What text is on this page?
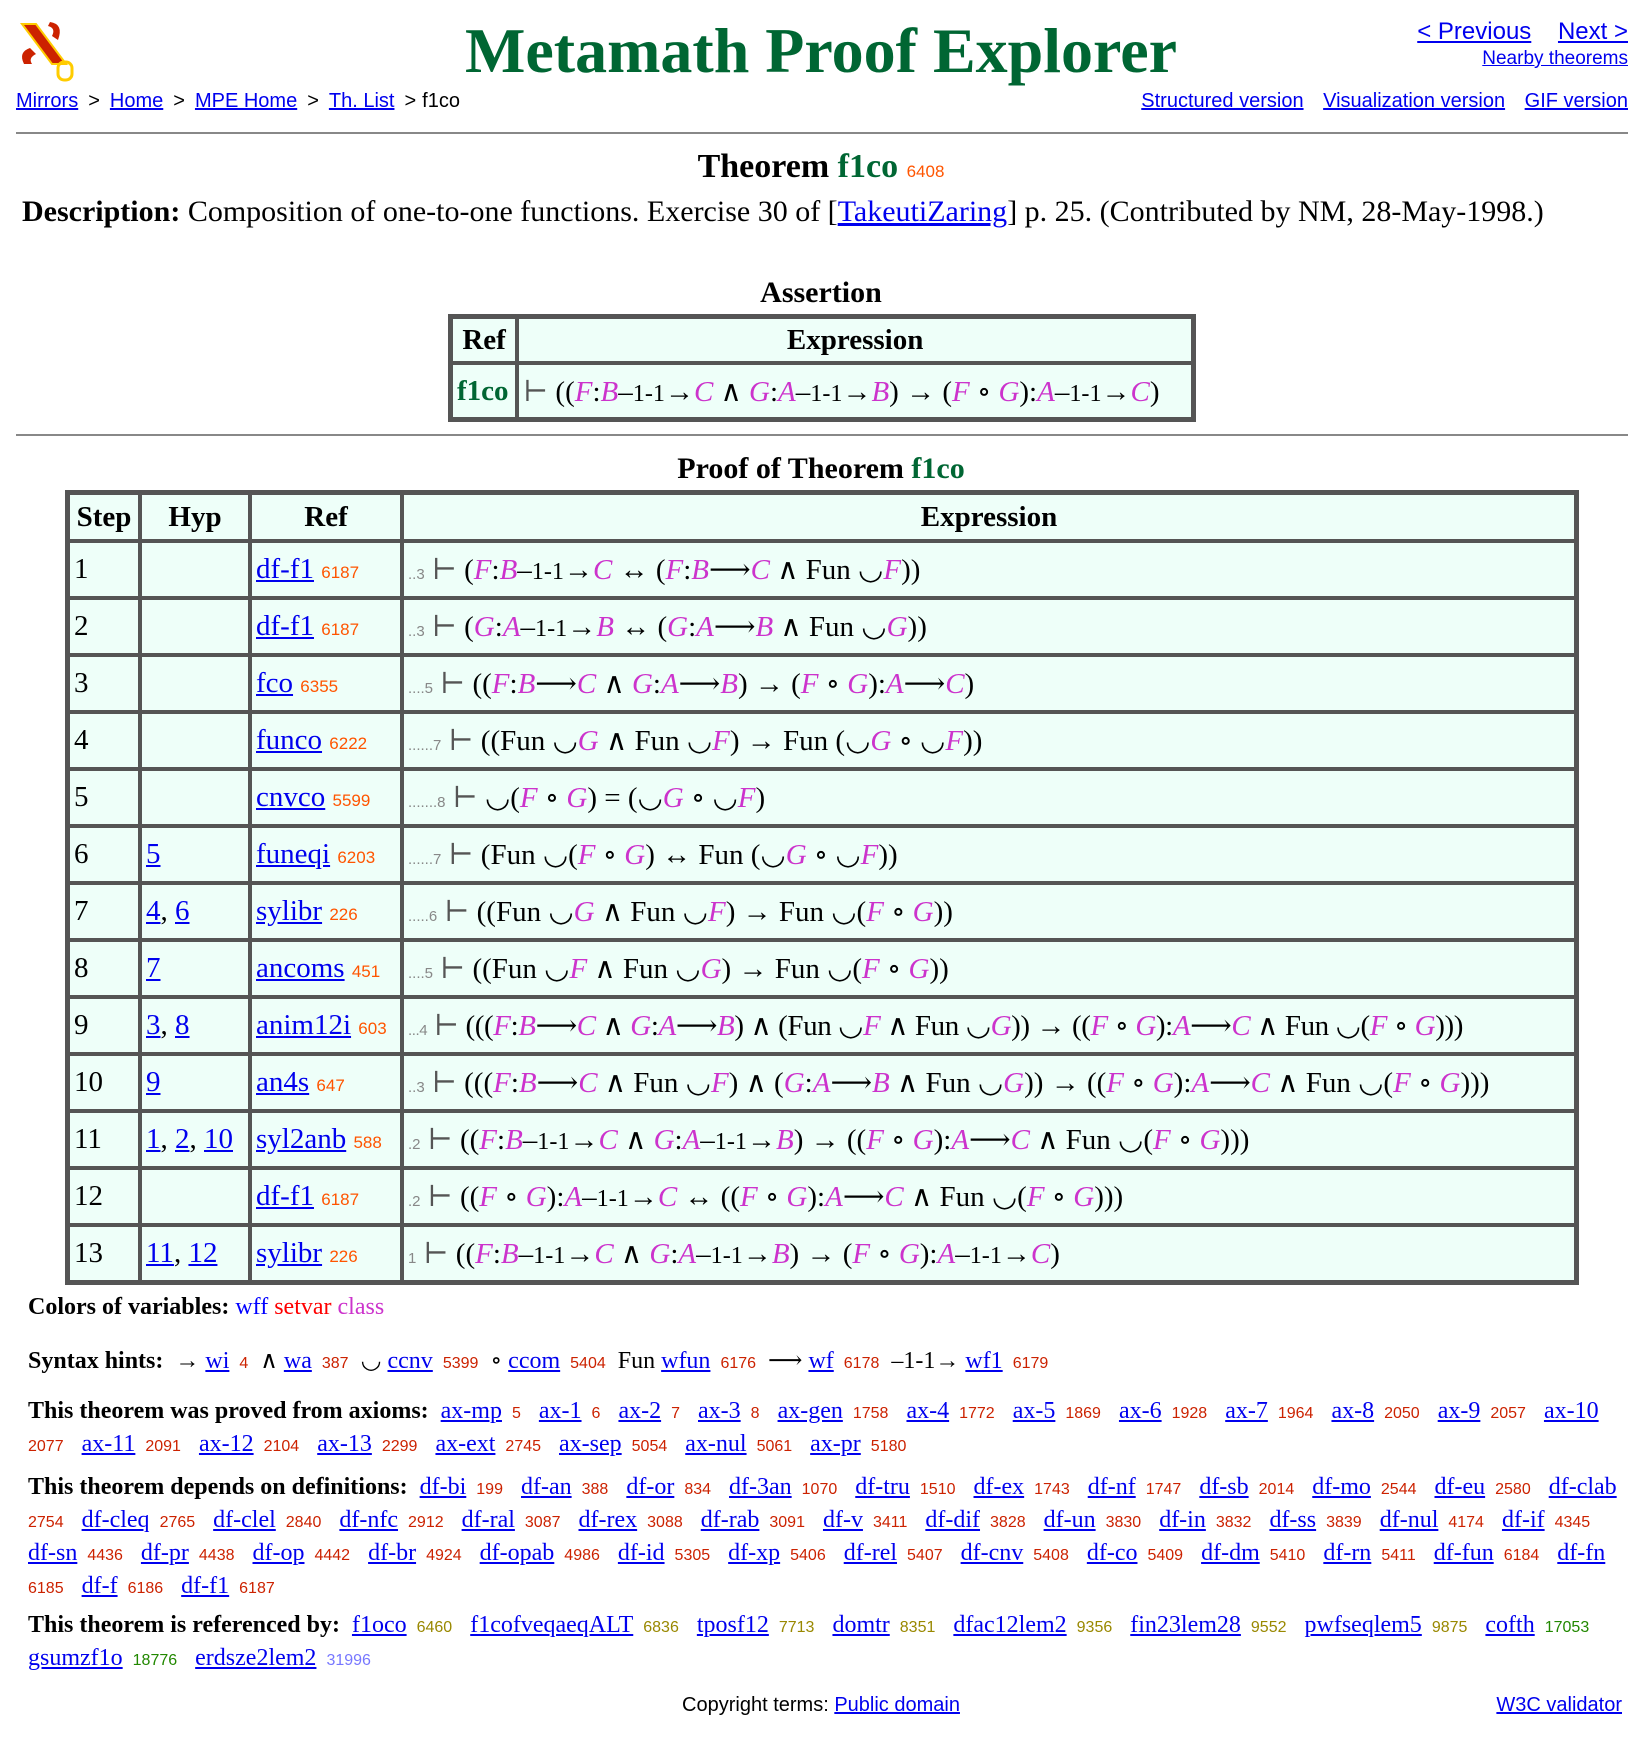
Metamath Proof Explorer	< Previous Next >
Nearby theorems
Mirrors > Home > MPE Home > Th. List > f1co	Structured version Visualization version GIF version
Theorem f1co 6408
Description: Composition of one-to-one functions. Exercise 30 of [TakeutiZaring] p. 25. (Contributed by NM, 28-May-1998.)
Assertion
Ref	Expression
f1co	⊢ ((F:B–1-1→C ∧ G:A–1-1→B) → (F ∘ G):A–1-1→C)
Proof of Theorem f1co
Step	Hyp	Ref	Expression
1		df-f1 6187	..3 ⊢ (F:B–1-1→C ↔ (F:B⟶C ∧ Fun ◡F))
2		df-f1 6187	..3 ⊢ (G:A–1-1→B ↔ (G:A⟶B ∧ Fun ◡G))
3		fco 6355	....5 ⊢ ((F:B⟶C ∧ G:A⟶B) → (F ∘ G):A⟶C)
4		funco 6222	......7 ⊢ ((Fun ◡G ∧ Fun ◡F) → Fun (◡G ∘ ◡F))
5		cnvco 5599	.......8 ⊢ ◡(F ∘ G) = (◡G ∘ ◡F)
6	5	funeqi 6203	......7 ⊢ (Fun ◡(F ∘ G) ↔ Fun (◡G ∘ ◡F))
7	4, 6	sylibr 226	.....6 ⊢ ((Fun ◡G ∧ Fun ◡F) → Fun ◡(F ∘ G))
8	7	ancoms 451	....5 ⊢ ((Fun ◡F ∧ Fun ◡G) → Fun ◡(F ∘ G))
9	3, 8	anim12i 603	...4 ⊢ (((F:B⟶C ∧ G:A⟶B) ∧ (Fun ◡F ∧ Fun ◡G)) → ((F ∘ G):A⟶C ∧ Fun ◡(F ∘ G)))
10	9	an4s 647	..3 ⊢ (((F:B⟶C ∧ Fun ◡F) ∧ (G:A⟶B ∧ Fun ◡G)) → ((F ∘ G):A⟶C ∧ Fun ◡(F ∘ G)))
11	1, 2, 10	syl2anb 588	.2 ⊢ ((F:B–1-1→C ∧ G:A–1-1→B) → ((F ∘ G):A⟶C ∧ Fun ◡(F ∘ G)))
12		df-f1 6187	.2 ⊢ ((F ∘ G):A–1-1→C ↔ ((F ∘ G):A⟶C ∧ Fun ◡(F ∘ G)))
13	11, 12	sylibr 226	1 ⊢ ((F:B–1-1→C ∧ G:A–1-1→B) → (F ∘ G):A–1-1→C)
Colors of variables: wff setvar class
Syntax hints: → wi 4 ∧ wa 387 ◡ ccnv 5399 ∘ ccom 5404 Fun wfun 6176 ⟶ wf 6178 –1-1→ wf1 6179
This theorem was proved from axioms: ax-mp 5 ax-1 6 ax-2 7 ax-3 8 ax-gen 1758 ax-4 1772 ax-5 1869 ax-6 1928 ax-7 1964 ax-8 2050 ax-9 2057 ax-10 2077 ax-11 2091 ax-12 2104 ax-13 2299 ax-ext 2745 ax-sep 5054 ax-nul 5061 ax-pr 5180
This theorem depends on definitions: df-bi 199 df-an 388 df-or 834 df-3an 1070 df-tru 1510 df-ex 1743 df-nf 1747 df-sb 2014 df-mo 2544 df-eu 2580 df-clab 2754 df-cleq 2765 df-clel 2840 df-nfc 2912 df-ral 3087 df-rex 3088 df-rab 3091 df-v 3411 df-dif 3828 df-un 3830 df-in 3832 df-ss 3839 df-nul 4174 df-if 4345 df-sn 4436 df-pr 4438 df-op 4442 df-br 4924 df-opab 4986 df-id 5305 df-xp 5406 df-rel 5407 df-cnv 5408 df-co 5409 df-dm 5410 df-rn 5411 df-fun 6184 df-fn 6185 df-f 6186 df-f1 6187
This theorem is referenced by: f1oco 6460 f1cofveqaeqALT 6836 tposf12 7713 domtr 8351 dfac12lem2 9356 fin23lem28 9552 pwfseqlem5 9875 cofth 17053 gsumzf1o 18776 erdsze2lem2 31996
Copyright terms: Public domain	W3C validator
